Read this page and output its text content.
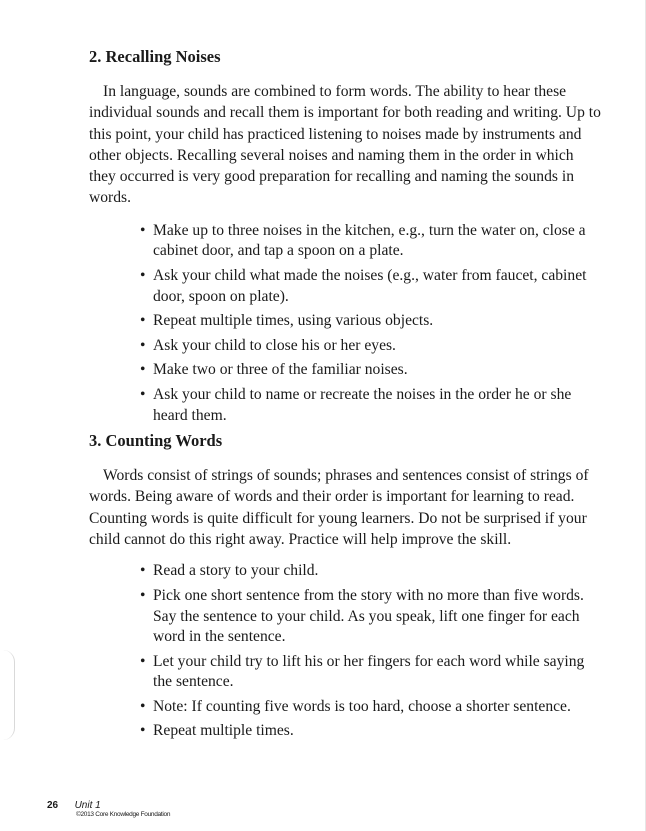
2. Recalling Noises

In language, sounds are combined to form words. The ability to hear these individual sounds and recall them is important for both reading and writing. Up to this point, your child has practiced listening to noises made by instruments and other objects. Recalling several noises and naming them in the order in which they occurred is very good preparation for recalling and naming the sounds in words.

• Make up to three noises in the kitchen, e.g., turn the water on, close a cabinet door, and tap a spoon on a plate.
• Ask your child what made the noises (e.g., water from faucet, cabinet door, spoon on plate).
• Repeat multiple times, using various objects.
• Ask your child to close his or her eyes.
• Make two or three of the familiar noises.
• Ask your child to name or recreate the noises in the order he or she heard them.
3. Counting Words

Words consist of strings of sounds; phrases and sentences consist of strings of words. Being aware of words and their order is important for learning to read. Counting words is quite difficult for young learners. Do not be surprised if your child cannot do this right away. Practice will help improve the skill.

• Read a story to your child.
• Pick one short sentence from the story with no more than five words. Say the sentence to your child. As you speak, lift one finger for each word in the sentence.
• Let your child try to lift his or her fingers for each word while saying the sentence.
• Note: If counting five words is too hard, choose a shorter sentence.
• Repeat multiple times.
26 Unit 1
©2013 Core Knowledge Foundation
